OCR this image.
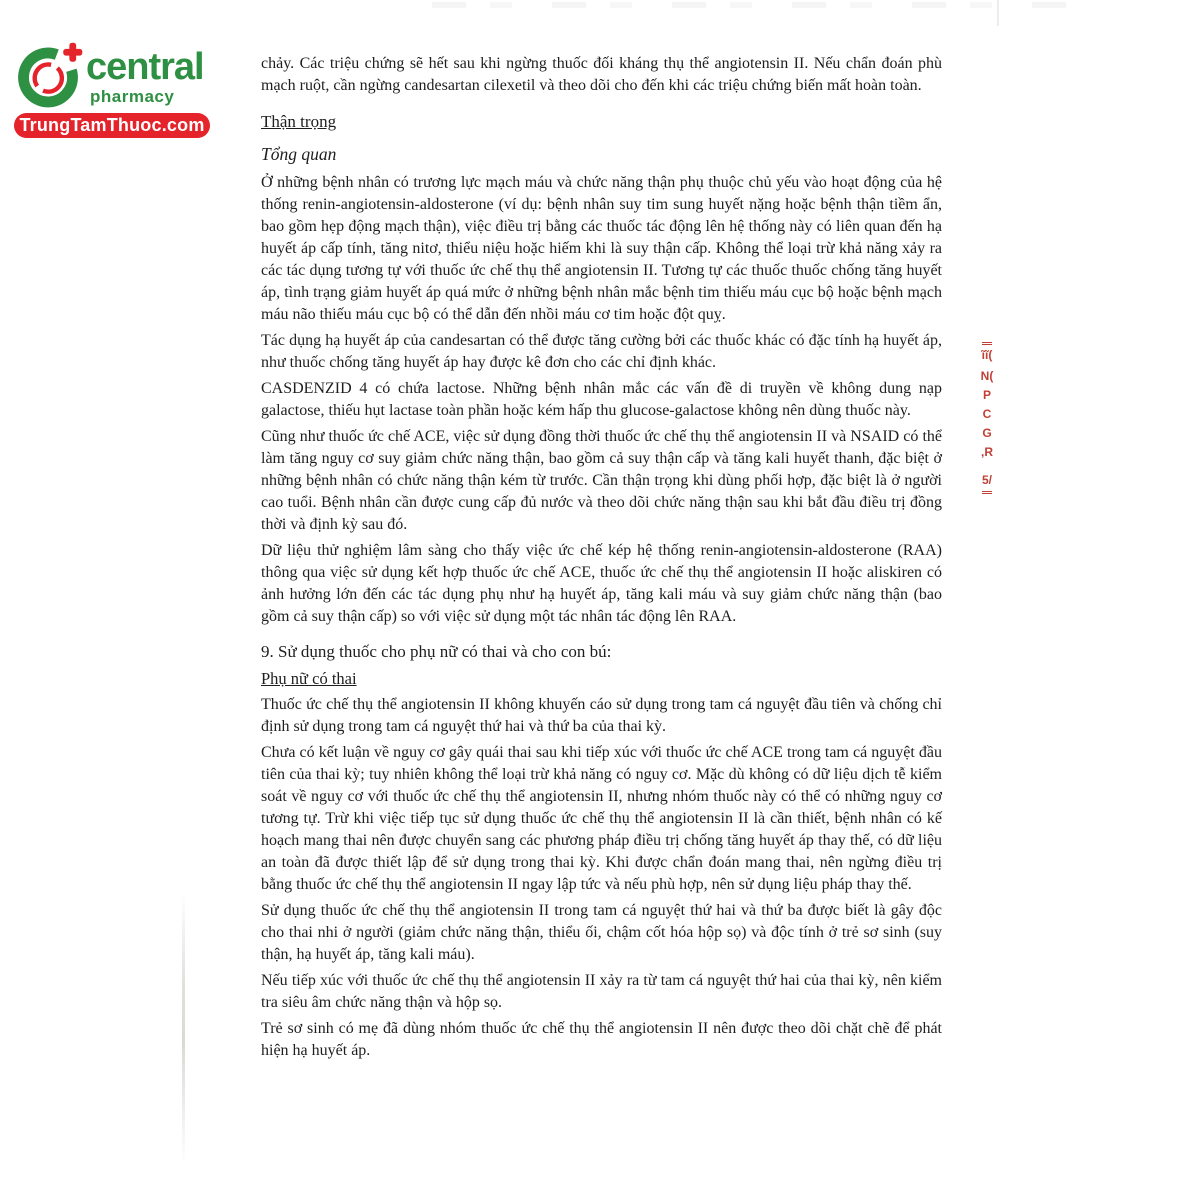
central
pharmacy
TrungTamThuoc.com

chảy. Các triệu chứng sẽ hết sau khi ngừng thuốc đối kháng thụ thể angiotensin II. Nếu chẩn đoán phù mạch ruột, cần ngừng candesartan cilexetil và theo dõi cho đến khi các triệu chứng biến mất hoàn toàn.

Thận trọng
Tổng quan

Ở những bệnh nhân có trương lực mạch máu và chức năng thận phụ thuộc chủ yếu vào hoạt động của hệ thống renin-angiotensin-aldosterone (ví dụ: bệnh nhân suy tim sung huyết nặng hoặc bệnh thận tiềm ẩn, bao gồm hẹp động mạch thận), việc điều trị bằng các thuốc tác động lên hệ thống này có liên quan đến hạ huyết áp cấp tính, tăng nitơ, thiểu niệu hoặc hiếm khi là suy thận cấp. Không thể loại trừ khả năng xảy ra các tác dụng tương tự với thuốc ức chế thụ thể angiotensin II. Tương tự các thuốc thuốc chống tăng huyết áp, tình trạng giảm huyết áp quá mức ở những bệnh nhân mắc bệnh tim thiếu máu cục bộ hoặc bệnh mạch máu não thiếu máu cục bộ có thể dẫn đến nhồi máu cơ tim hoặc đột quỵ.

Tác dụng hạ huyết áp của candesartan có thể được tăng cường bởi các thuốc khác có đặc tính hạ huyết áp, như thuốc chống tăng huyết áp hay được kê đơn cho các chỉ định khác.

CASDENZID 4 có chứa lactose. Những bệnh nhân mắc các vấn đề di truyền về không dung nạp galactose, thiếu hụt lactase toàn phần hoặc kém hấp thu glucose-galactose không nên dùng thuốc này.

Cũng như thuốc ức chế ACE, việc sử dụng đồng thời thuốc ức chế thụ thể angiotensin II và NSAID có thể làm tăng nguy cơ suy giảm chức năng thận, bao gồm cả suy thận cấp và tăng kali huyết thanh, đặc biệt ở những bệnh nhân có chức năng thận kém từ trước. Cần thận trọng khi dùng phối hợp, đặc biệt là ở người cao tuổi. Bệnh nhân cần được cung cấp đủ nước và theo dõi chức năng thận sau khi bắt đầu điều trị đồng thời và định kỳ sau đó.

Dữ liệu thử nghiệm lâm sàng cho thấy việc ức chế kép hệ thống renin-angiotensin-aldosterone (RAA) thông qua việc sử dụng kết hợp thuốc ức chế ACE, thuốc ức chế thụ thể angiotensin II hoặc aliskiren có ảnh hưởng lớn đến các tác dụng phụ như hạ huyết áp, tăng kali máu và suy giảm chức năng thận (bao gồm cả suy thận cấp) so với việc sử dụng một tác nhân tác động lên RAA.

9. Sử dụng thuốc cho phụ nữ có thai và cho con bú:
Phụ nữ có thai

Thuốc ức chế thụ thể angiotensin II không khuyến cáo sử dụng trong tam cá nguyệt đầu tiên và chống chỉ định sử dụng trong tam cá nguyệt thứ hai và thứ ba của thai kỳ.

Chưa có kết luận về nguy cơ gây quái thai sau khi tiếp xúc với thuốc ức chế ACE trong tam cá nguyệt đầu tiên của thai kỳ; tuy nhiên không thể loại trừ khả năng có nguy cơ. Mặc dù không có dữ liệu dịch tễ kiểm soát về nguy cơ với thuốc ức chế thụ thể angiotensin II, nhưng nhóm thuốc này có thể có những nguy cơ tương tự. Trừ khi việc tiếp tục sử dụng thuốc ức chế thụ thể angiotensin II là cần thiết, bệnh nhân có kế hoạch mang thai nên được chuyển sang các phương pháp điều trị chống tăng huyết áp thay thế, có dữ liệu an toàn đã được thiết lập để sử dụng trong thai kỳ. Khi được chẩn đoán mang thai, nên ngừng điều trị bằng thuốc ức chế thụ thể angiotensin II ngay lập tức và nếu phù hợp, nên sử dụng liệu pháp thay thế.

Sử dụng thuốc ức chế thụ thể angiotensin II trong tam cá nguyệt thứ hai và thứ ba được biết là gây độc cho thai nhi ở người (giảm chức năng thận, thiểu ối, chậm cốt hóa hộp sọ) và độc tính ở trẻ sơ sinh (suy thận, hạ huyết áp, tăng kali máu).

Nếu tiếp xúc với thuốc ức chế thụ thể angiotensin II xảy ra từ tam cá nguyệt thứ hai của thai kỳ, nên kiểm tra siêu âm chức năng thận và hộp sọ.

Trẻ sơ sinh có mẹ đã dùng nhóm thuốc ức chế thụ thể angiotensin II nên được theo dõi chặt chẽ để phát hiện hạ huyết áp.

ĩĩ(
N(
P
C
G
,R
5/
